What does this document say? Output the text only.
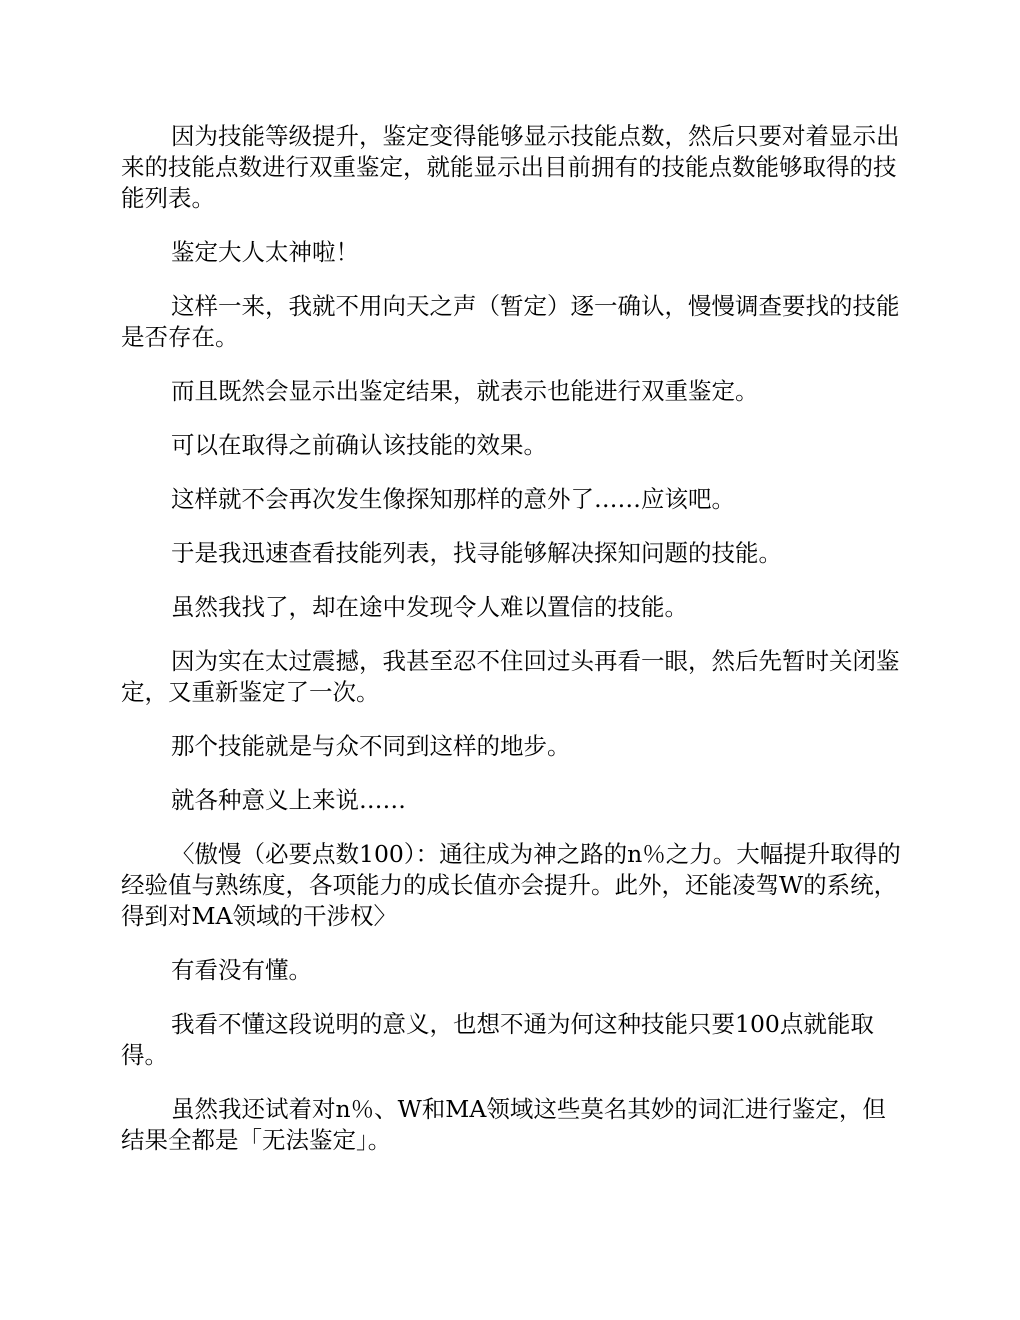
因为技能等级提升，鉴定变得能够显示技能点数，然后只要对着显示出来的技能点数进行双重鉴定，就能显示出目前拥有的技能点数能够取得的技能列表。

鉴定大人太神啦！

这样一来，我就不用向天之声（暂定）逐一确认，慢慢调查要找的技能是否存在。

而且既然会显示出鉴定结果，就表示也能进行双重鉴定。

可以在取得之前确认该技能的效果。

这样就不会再次发生像探知那样的意外了……应该吧。

于是我迅速查看技能列表，找寻能够解决探知问题的技能。

虽然我找了，却在途中发现令人难以置信的技能。

因为实在太过震撼，我甚至忍不住回过头再看一眼，然后先暂时关闭鉴定，又重新鉴定了一次。

那个技能就是与众不同到这样的地步。

就各种意义上来说……

〈傲慢（必要点数100）：通往成为神之路的n％之力。大幅提升取得的经验值与熟练度，各项能力的成长值亦会提升。此外，还能凌驾W的系统，得到对MA领域的干涉权〉

有看没有懂。

我看不懂这段说明的意义，也想不通为何这种技能只要100点就能取得。

虽然我还试着对n％、W和MA领域这些莫名其妙的词汇进行鉴定，但结果全都是「无法鉴定」。
